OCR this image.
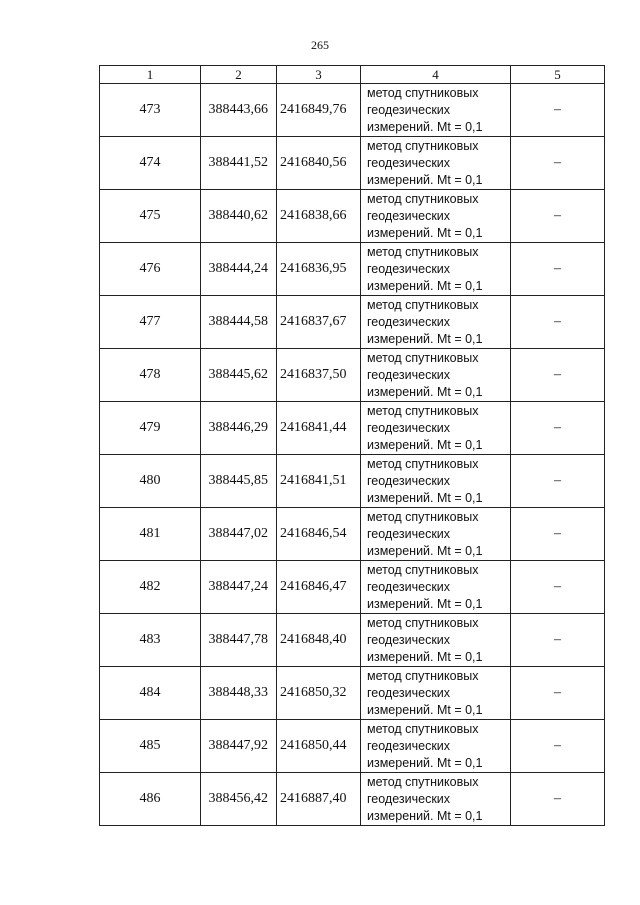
265
1	2	3	4	5
473	388443,66	2416849,76	метод спутниковых
геодезических
измерений. Mt = 0,1	–
474	388441,52	2416840,56	метод спутниковых
геодезических
измерений. Mt = 0,1	–
475	388440,62	2416838,66	метод спутниковых
геодезических
измерений. Mt = 0,1	–
476	388444,24	2416836,95	метод спутниковых
геодезических
измерений. Mt = 0,1	–
477	388444,58	2416837,67	метод спутниковых
геодезических
измерений. Mt = 0,1	–
478	388445,62	2416837,50	метод спутниковых
геодезических
измерений. Mt = 0,1	–
479	388446,29	2416841,44	метод спутниковых
геодезических
измерений. Mt = 0,1	–
480	388445,85	2416841,51	метод спутниковых
геодезических
измерений. Mt = 0,1	–
481	388447,02	2416846,54	метод спутниковых
геодезических
измерений. Mt = 0,1	–
482	388447,24	2416846,47	метод спутниковых
геодезических
измерений. Mt = 0,1	–
483	388447,78	2416848,40	метод спутниковых
геодезических
измерений. Mt = 0,1	–
484	388448,33	2416850,32	метод спутниковых
геодезических
измерений. Mt = 0,1	–
485	388447,92	2416850,44	метод спутниковых
геодезических
измерений. Mt = 0,1	–
486	388456,42	2416887,40	метод спутниковых
геодезических
измерений. Mt = 0,1	–
